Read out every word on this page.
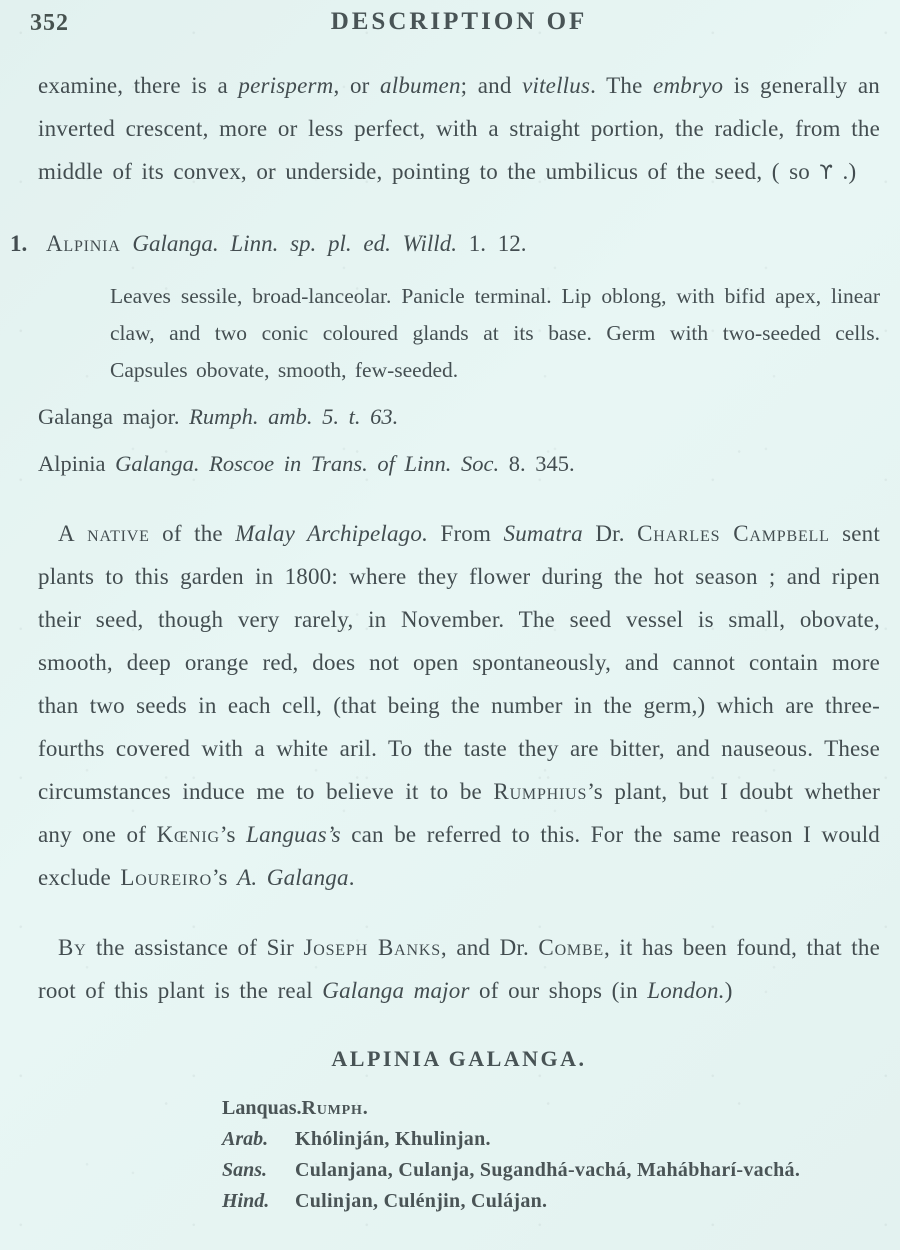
352	DESCRIPTION OF

examine, there is a perisperm, or albumen; and vitellus. The embryo is generally an inverted crescent, more or less perfect, with a straight portion, the radicle, from the middle of its convex, or underside, pointing to the umbilicus of the seed, ( so ϒ .)

1. Alpinia Galanga. Linn. sp. pl. ed. Willd. 1. 12.

Leaves sessile, broad-lanceolar. Panicle terminal. Lip oblong, with bifid apex, linear claw, and two conic coloured glands at its base. Germ with two-seeded cells. Capsules obovate, smooth, few-seeded.

Galanga major. Rumph. amb. 5. t. 63.

Alpinia Galanga. Roscoe in Trans. of Linn. Soc. 8. 345.

A native of the Malay Archipelago. From Sumatra Dr. Charles Campbell sent plants to this garden in 1800: where they flower during the hot season ; and ripen their seed, though very rarely, in November. The seed vessel is small, obovate, smooth, deep orange red, does not open spontaneously, and cannot contain more than two seeds in each cell, (that being the number in the germ,) which are three-fourths covered with a white aril. To the taste they are bitter, and nauseous. These circumstances induce me to believe it to be Rumphius’s plant, but I doubt whether any one of Kœnig’s Languas’s can be referred to this. For the same reason I would exclude Loureiro’s A. Galanga.

By the assistance of Sir Joseph Banks, and Dr. Combe, it has been found, that the root of this plant is the real Galanga major of our shops (in London.)

ALPINIA GALANGA.
Lanquas. Rumph.
Arab.	Khólinján, Khulinjan.
Sans.	Culanjana, Culanja, Sugandhá-vachá, Mahábharí-vachá.
Hind.	Culinjan, Culénjin, Culájan.
